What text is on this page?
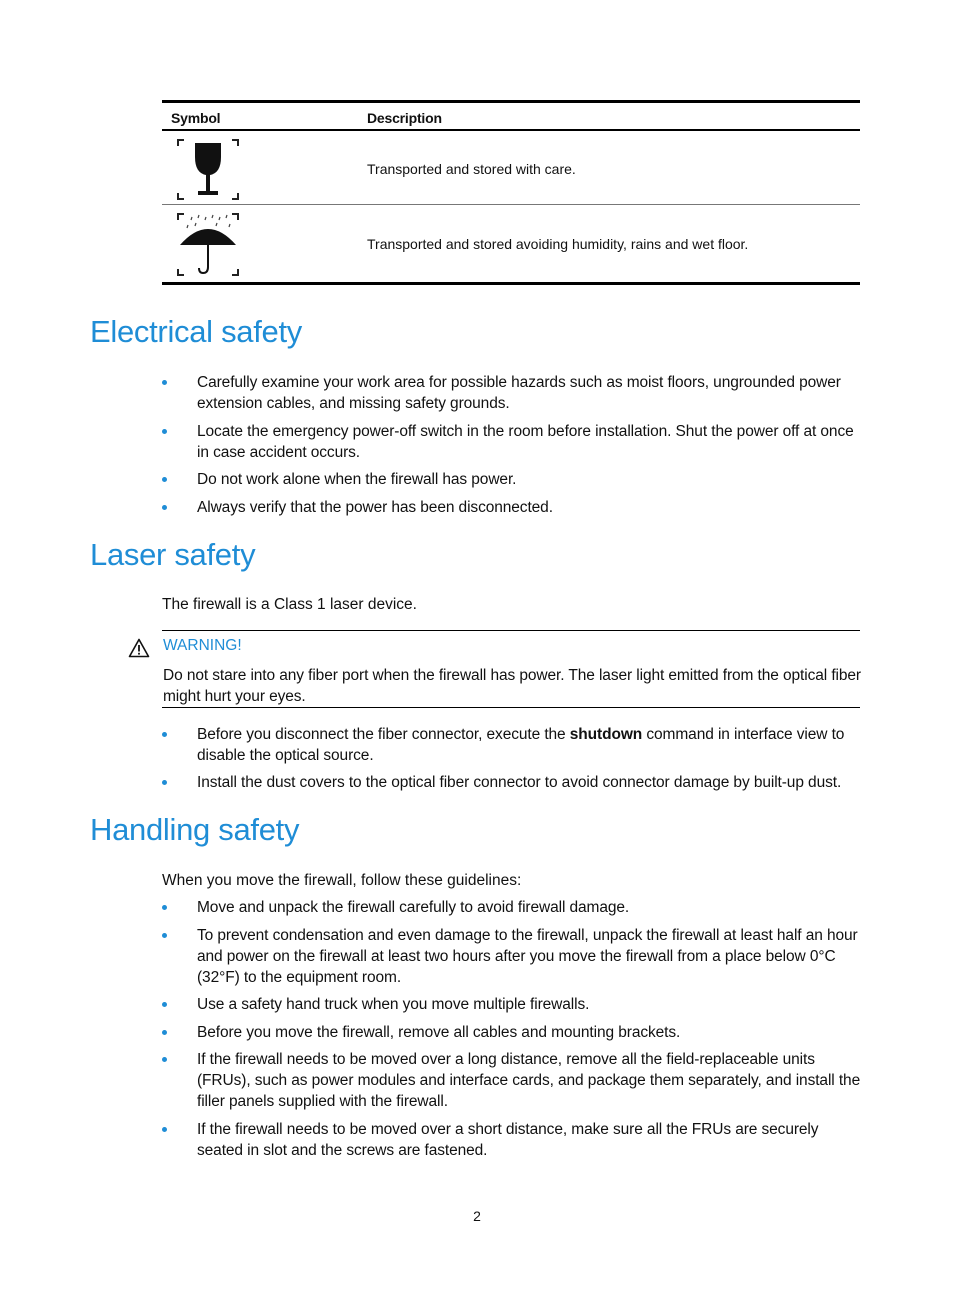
Symbol	Description
Transported and stored with care.
Transported and stored avoiding humidity, rains and wet floor.
Electrical safety
Carefully examine your work area for possible hazards such as moist floors, ungrounded power extension cables, and missing safety grounds.
Locate the emergency power-off switch in the room before installation. Shut the power off at once in case accident occurs.
Do not work alone when the firewall has power.
Always verify that the power has been disconnected.
Laser safety
The firewall is a Class 1 laser device.
WARNING!
Do not stare into any fiber port when the firewall has power. The laser light emitted from the optical fiber might hurt your eyes.
Before you disconnect the fiber connector, execute the shutdown command in interface view to disable the optical source.
Install the dust covers to the optical fiber connector to avoid connector damage by built-up dust.
Handling safety
When you move the firewall, follow these guidelines:
Move and unpack the firewall carefully to avoid firewall damage.
To prevent condensation and even damage to the firewall, unpack the firewall at least half an hour and power on the firewall at least two hours after you move the firewall from a place below 0°C (32°F) to the equipment room.
Use a safety hand truck when you move multiple firewalls.
Before you move the firewall, remove all cables and mounting brackets.
If the firewall needs to be moved over a long distance, remove all the field-replaceable units (FRUs), such as power modules and interface cards, and package them separately, and install the filler panels supplied with the firewall.
If the firewall needs to be moved over a short distance, make sure all the FRUs are securely seated in slot and the screws are fastened.
2
